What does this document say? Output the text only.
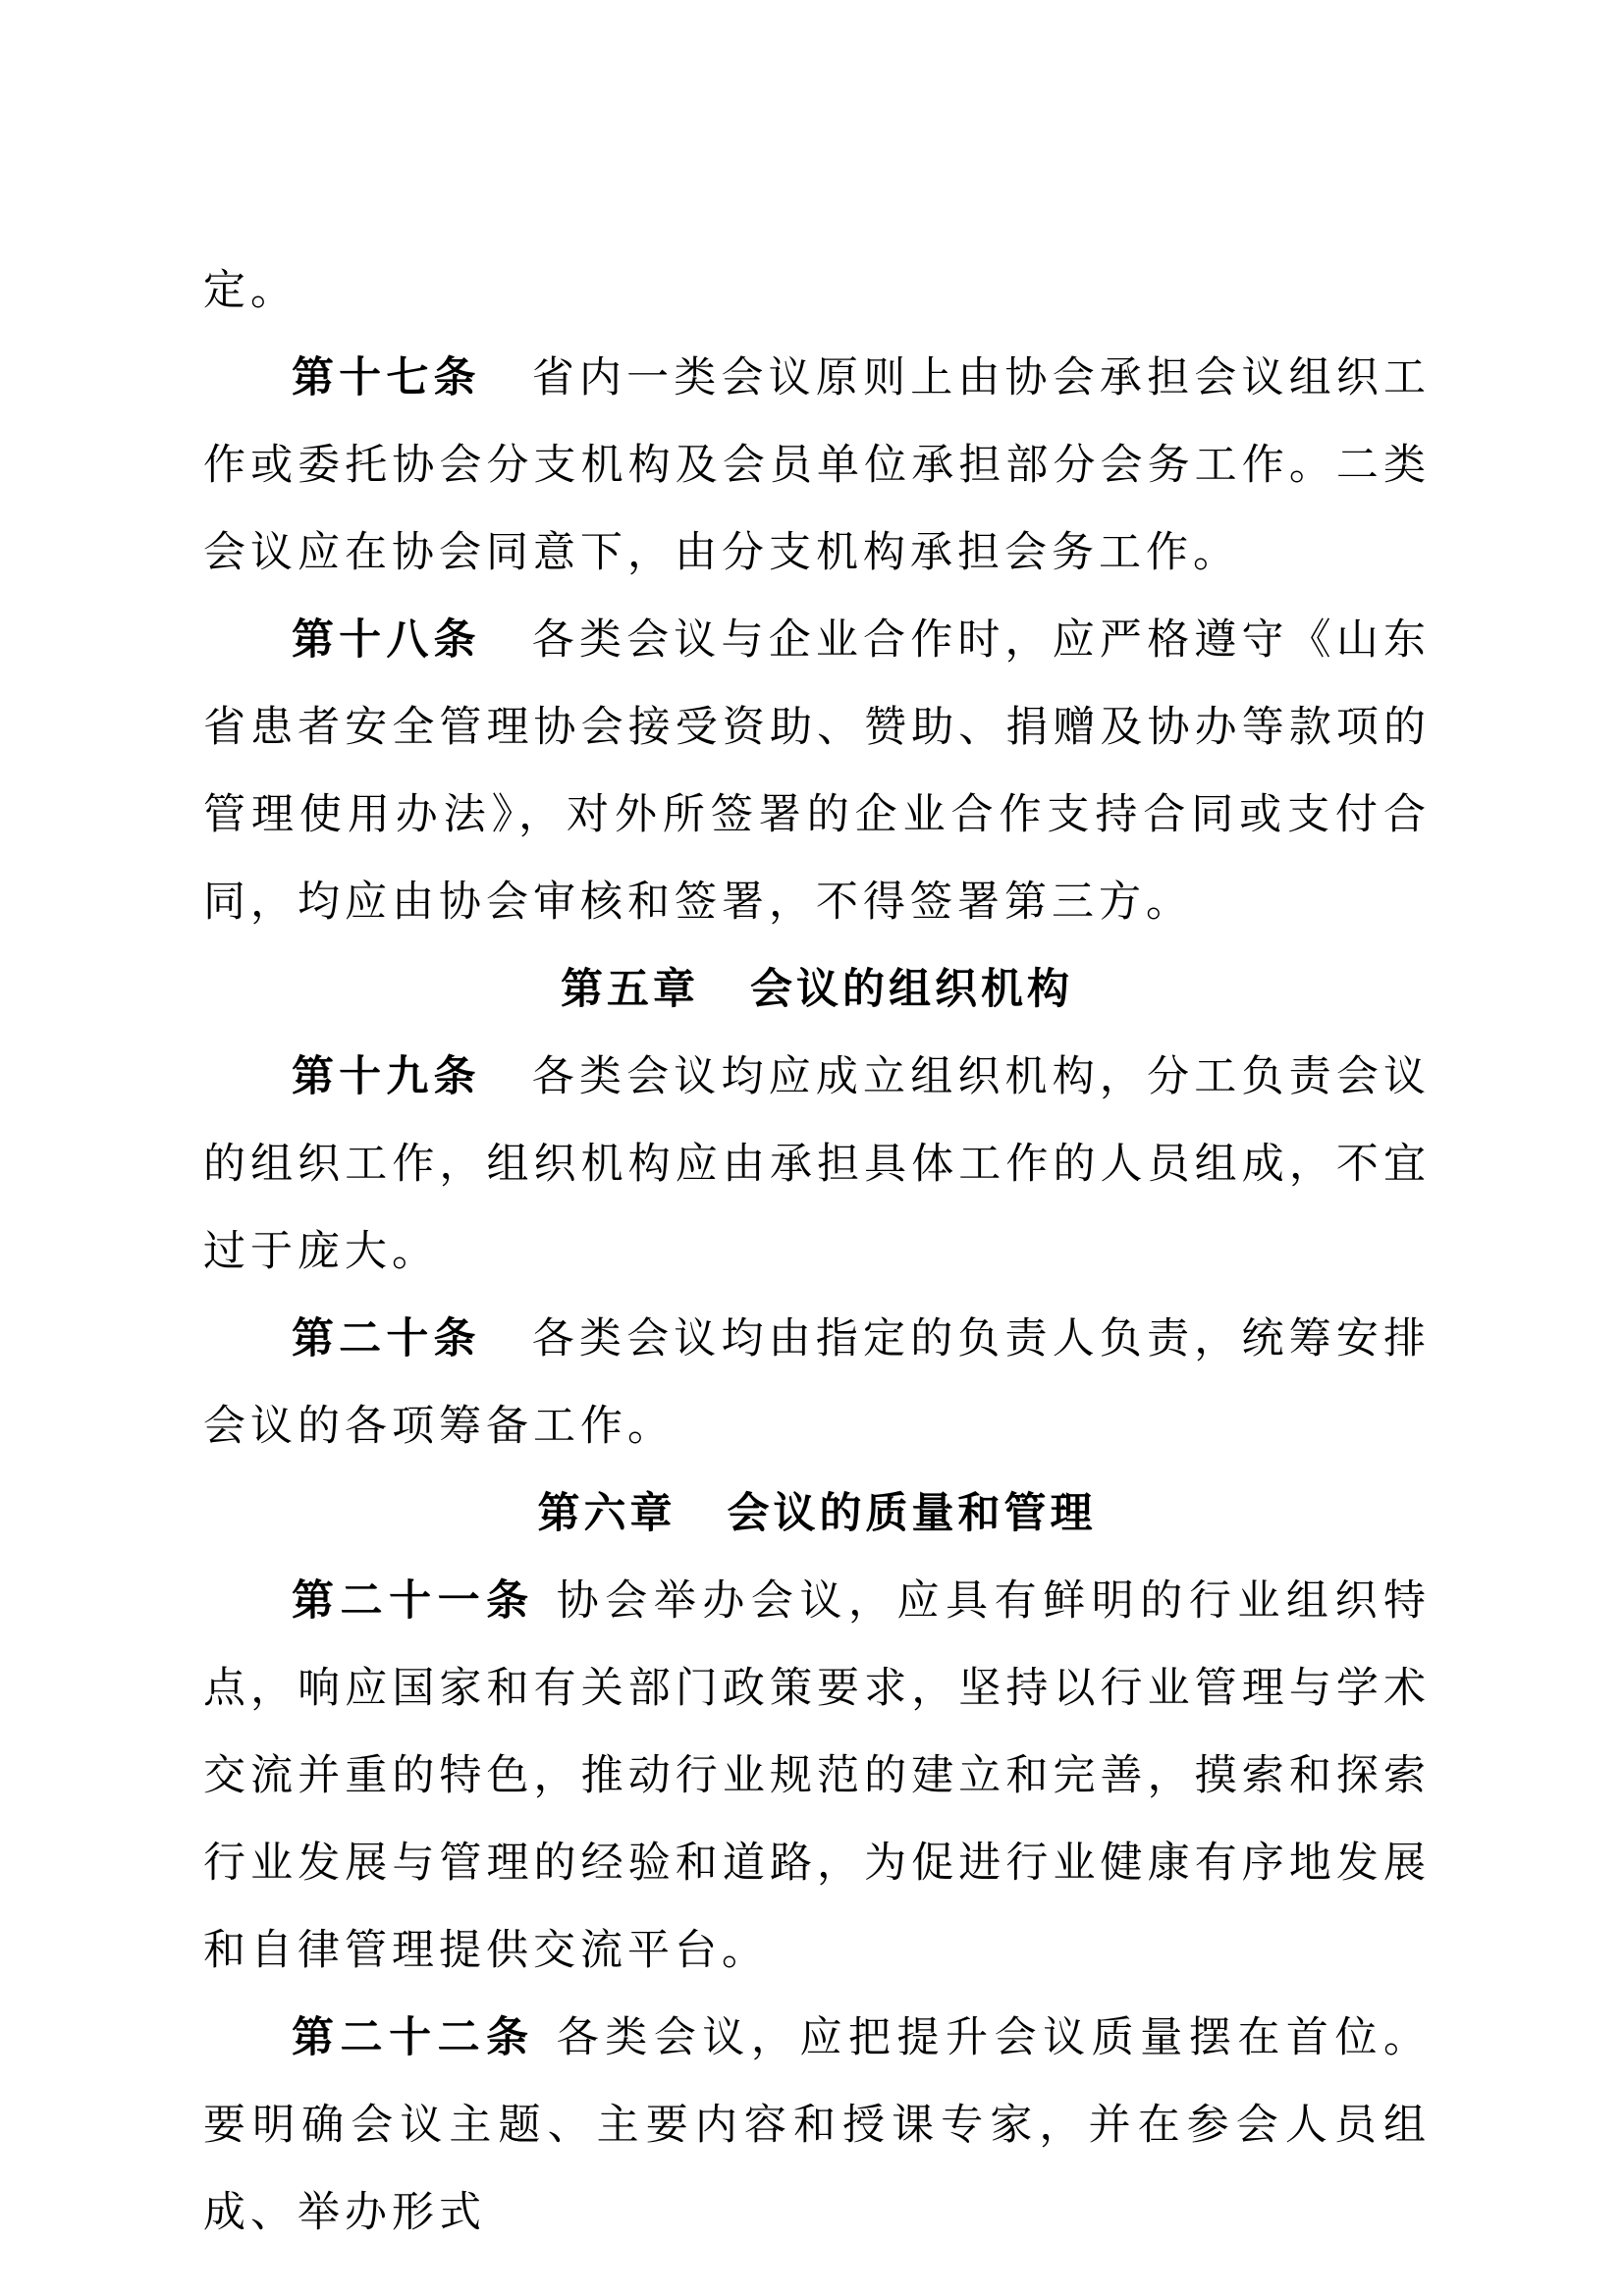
定。

第十七条 省内一类会议原则上由协会承担会议组织工作或委托协会分支机构及会员单位承担部分会务工作。二类会议应在协会同意下，由分支机构承担会务工作。

第十八条 各类会议与企业合作时，应严格遵守《山东省患者安全管理协会接受资助、赞助、捐赠及协办等款项的管理使用办法》，对外所签署的企业合作支持合同或支付合同，均应由协会审核和签署，不得签署第三方。

第五章 会议的组织机构

第十九条 各类会议均应成立组织机构，分工负责会议的组织工作，组织机构应由承担具体工作的人员组成，不宜过于庞大。

第二十条 各类会议均由指定的负责人负责，统筹安排会议的各项筹备工作。

第六章 会议的质量和管理

第二十一条 协会举办会议，应具有鲜明的行业组织特点，响应国家和有关部门政策要求，坚持以行业管理与学术交流并重的特色，推动行业规范的建立和完善，摸索和探索行业发展与管理的经验和道路，为促进行业健康有序地发展和自律管理提供交流平台。

第二十二条 各类会议，应把提升会议质量摆在首位。要明确会议主题、主要内容和授课专家，并在参会人员组成、举办形式
